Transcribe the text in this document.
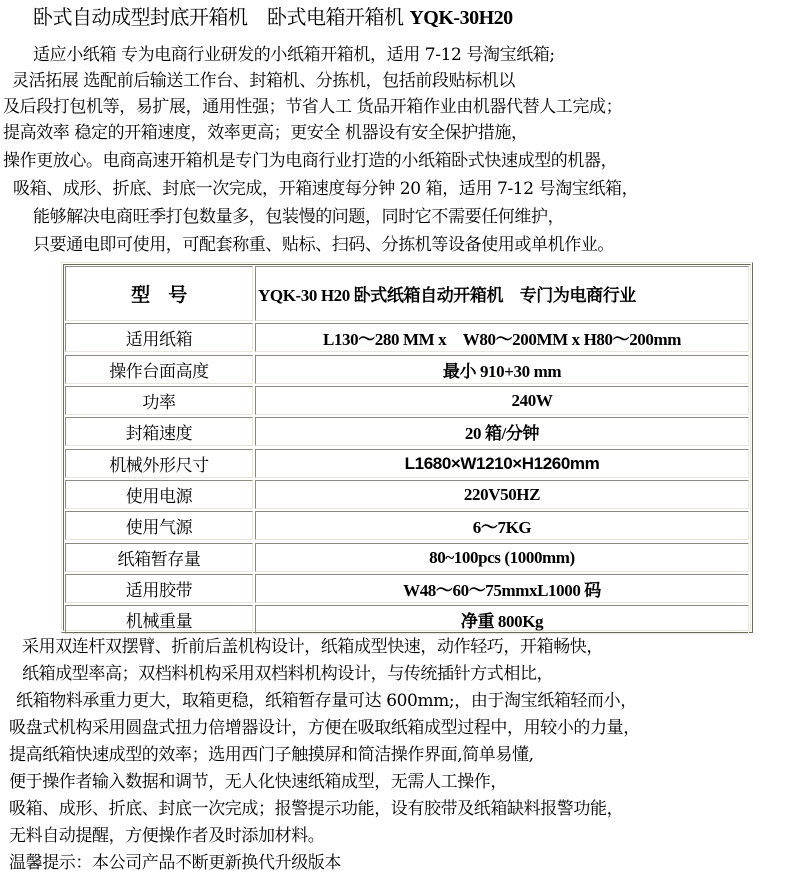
卧式自动成型封底开箱机　卧式电箱开箱机 YQK-30H20
适应小纸箱 专为电商行业研发的小纸箱开箱机，适用 7-12 号淘宝纸箱;
灵活拓展 选配前后输送工作台、封箱机、分拣机，包括前段贴标机以
及后段打包机等，易扩展，通用性强；节省人工 货品开箱作业由机器代替人工完成；
提高效率 稳定的开箱速度，效率更高；更安全 机器设有安全保护措施，
操作更放心。电商高速开箱机是专门为电商行业打造的小纸箱卧式快速成型的机器，
吸箱、成形、折底、封底一次完成，开箱速度每分钟 20 箱，适用 7-12 号淘宝纸箱，
能够解决电商旺季打包数量多，包装慢的问题，同时它不需要任何维护，
只要通电即可使用，可配套称重、贴标、扫码、分拣机等设备使用或单机作业。
型　号	YQK-30 H20 卧式纸箱自动开箱机　专门为电商行业
适用纸箱	L130～280 MM x　W80～200MM x H80～200mm
操作台面高度	最小 910+30 mm
功率	240W
封箱速度	20 箱/分钟
机械外形尺寸	L1680×W1210×H1260mm
使用电源	220V50HZ
使用气源	6～7KG
纸箱暂存量	80~100pcs (1000mm)
适用胶带	W48～60～75mmxL1000 码
机械重量	净重 800Kg
采用双连杆双摆臂、折前后盖机构设计，纸箱成型快速，动作轻巧，开箱畅快，
纸箱成型率高；双档料机构采用双档料机构设计，与传统插针方式相比，
纸箱物料承重力更大，取箱更稳，纸箱暂存量可达 600mm;，由于淘宝纸箱轻而小，
吸盘式机构采用圆盘式扭力倍增器设计，方便在吸取纸箱成型过程中，用较小的力量，
提高纸箱快速成型的效率；选用西门子触摸屏和简洁操作界面,简单易懂,
便于操作者输入数据和调节，无人化快速纸箱成型，无需人工操作，
吸箱、成形、折底、封底一次完成；报警提示功能，设有胶带及纸箱缺料报警功能，
无料自动提醒，方便操作者及时添加材料。
温馨提示：本公司产品不断更新换代升级版本
